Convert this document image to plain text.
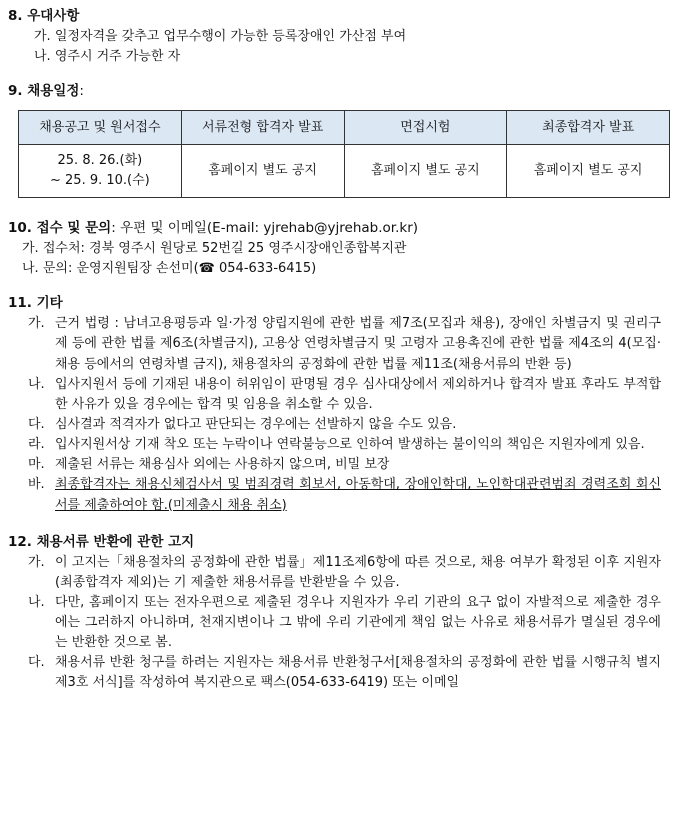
8. 우대사항

가. 일정자격을 갖추고 업무수행이 가능한 등록장애인 가산점 부여

나. 영주시 거주 가능한 자

9. 채용일정:

채용공고 및 원서접수	서류전형 합격자 발표	면접시험	최종합격자 발표

25. 8. 26.(화)
~ 25. 9. 10.(수)	홈페이지 별도 공지	홈페이지 별도 공지	홈페이지 별도 공지

10. 접수 및 문의: 우편 및 이메일(E-mail: yjrehab@yjrehab.or.kr)

가. 접수처: 경북 영주시 원당로 52번길 25 영주시장애인종합복지관

나. 문의: 운영지원팀장 손선미(☎ 054-633-6415)

11. 기타

가. 근거 법령 : 남녀고용평등과 일·가정 양립지원에 관한 법률 제7조(모집과 채용), 장애인 차별금지 및 권리구제 등에 관한 법률 제6조(차별금지), 고용상 연령차별금지 및 고령자 고용촉진에 관한 법률 제4조의 4(모집·채용 등에서의 연령차별 금지), 채용절차의 공정화에 관한 법률 제11조(채용서류의 반환 등)
나. 입사지원서 등에 기재된 내용이 허위임이 판명될 경우 심사대상에서 제외하거나 합격자 발표 후라도 부적합한 사유가 있을 경우에는 합격 및 임용을 취소할 수 있음.
다. 심사결과 적격자가 없다고 판단되는 경우에는 선발하지 않을 수도 있음.
라. 입사지원서상 기재 착오 또는 누락이나 연락불능으로 인하여 발생하는 불이익의 책임은 지원자에게 있음.
마. 제출된 서류는 채용심사 외에는 사용하지 않으며, 비밀 보장
바. 최종합격자는 채용신체검사서 및 범죄경력 회보서, 아동학대, 장애인학대, 노인학대관련범죄 경력조회 회신서를 제출하여야 함.(미제출시 채용 취소)

12. 채용서류 반환에 관한 고지

가. 이 고지는「채용절차의 공정화에 관한 법률」제11조제6항에 따른 것으로, 채용 여부가 확정된 이후 지원자(최종합격자 제외)는 기 제출한 채용서류를 반환받을 수 있음.
나. 다만, 홈페이지 또는 전자우편으로 제출된 경우나 지원자가 우리 기관의 요구 없이 자발적으로 제출한 경우에는 그러하지 아니하며, 천재지변이나 그 밖에 우리 기관에게 책임 없는 사유로 채용서류가 멸실된 경우에는 반환한 것으로 봄.
다. 채용서류 반환 청구를 하려는 지원자는 채용서류 반환청구서[채용절차의 공정화에 관한 법률 시행규칙 별지 제3호 서식]를 작성하여 복지관으로 팩스(054-633-6419) 또는 이메일
